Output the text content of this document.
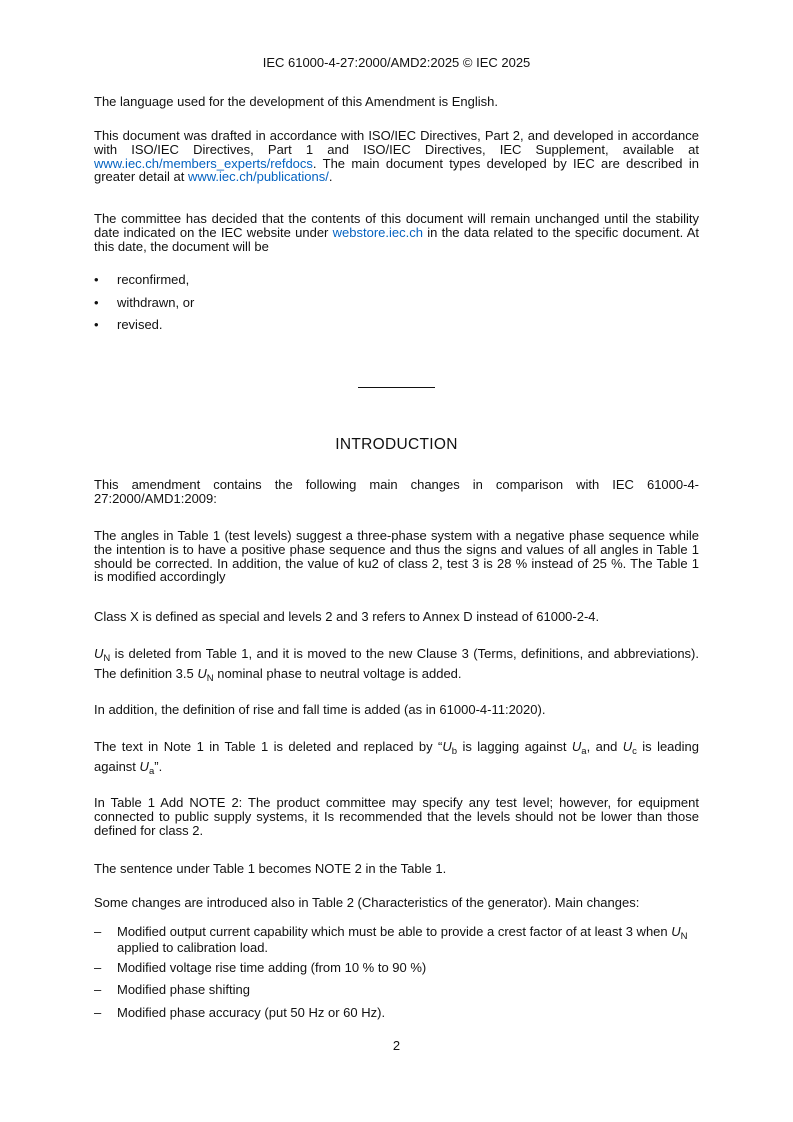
IEC 61000-4-27:2000/AMD2:2025 © IEC 2025

The language used for the development of this Amendment is English.

This document was drafted in accordance with ISO/IEC Directives, Part 2, and developed in accordance with ISO/IEC Directives, Part 1 and ISO/IEC Directives, IEC Supplement, available at www.iec.ch/members_experts/refdocs. The main document types developed by IEC are described in greater detail at www.iec.ch/publications/.

The committee has decided that the contents of this document will remain unchanged until the stability date indicated on the IEC website under webstore.iec.ch in the data related to the specific document. At this date, the document will be

• reconfirmed,
• withdrawn, or
• revised.
INTRODUCTION

This amendment contains the following main changes in comparison with IEC 61000-4-27:2000/AMD1:2009:

The angles in Table 1 (test levels) suggest a three-phase system with a negative phase sequence while the intention is to have a positive phase sequence and thus the signs and values of all angles in Table 1 should be corrected. In addition, the value of ku2 of class 2, test 3 is 28 % instead of 25 %. The Table 1 is modified accordingly

Class X is defined as special and levels 2 and 3 refers to Annex D instead of 61000-2-4.

$U_N$ is deleted from Table 1, and it is moved to the new Clause 3 (Terms, definitions, and abbreviations). The definition 3.5 $U_N$ nominal phase to neutral voltage is added.

In addition, the definition of rise and fall time is added (as in 61000-4-11:2020).

The text in Note 1 in Table 1 is deleted and replaced by “$U_b$ is lagging against $U_a$, and $U_c$ is leading against $U_a$”.

In Table 1 Add NOTE 2: The product committee may specify any test level; however, for equipment connected to public supply systems, it Is recommended that the levels should not be lower than those defined for class 2.

The sentence under Table 1 becomes NOTE 2 in the Table 1.

Some changes are introduced also in Table 2 (Characteristics of the generator). Main changes:

– Modified output current capability which must be able to provide a crest factor of at least 3 when $U_N$ applied to calibration load.
– Modified voltage rise time adding (from 10 % to 90 %)
– Modified phase shifting
– Modified phase accuracy (put 50 Hz or 60 Hz).
2
